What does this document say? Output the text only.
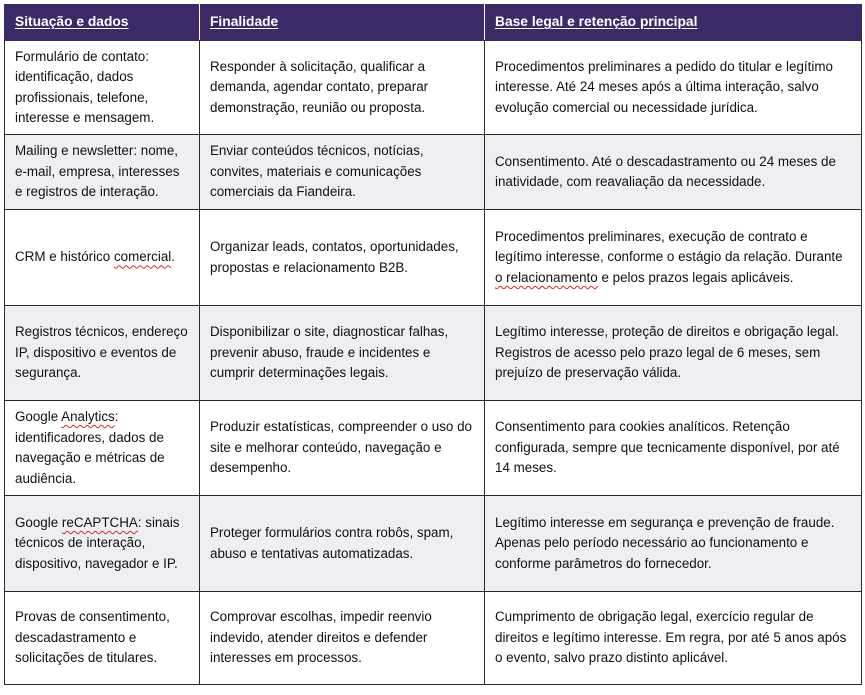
Situação e dados	Finalidade	Base legal e retenção principal
Formulário de contato: identificação, dados profissionais, telefone, interesse e mensagem.	Responder à solicitação, qualificar a demanda, agendar contato, preparar demonstração, reunião ou proposta.	Procedimentos preliminares a pedido do titular e legítimo interesse. Até 24 meses após a última interação, salvo evolução comercial ou necessidade jurídica.
Mailing e newsletter: nome, e-mail, empresa, interesses e registros de interação.	Enviar conteúdos técnicos, notícias, convites, materiais e comunicações comerciais da Fiandeira.	Consentimento. Até o descadastramento ou 24 meses de inatividade, com reavaliação da necessidade.
CRM e histórico comercial.	Organizar leads, contatos, oportunidades, propostas e relacionamento B2B.	Procedimentos preliminares, execução de contrato e legítimo interesse, conforme o estágio da relação. Durante o relacionamento e pelos prazos legais aplicáveis.
Registros técnicos, endereço IP, dispositivo e eventos de segurança.	Disponibilizar o site, diagnosticar falhas, prevenir abuso, fraude e incidentes e cumprir determinações legais.	Legítimo interesse, proteção de direitos e obrigação legal. Registros de acesso pelo prazo legal de 6 meses, sem prejuízo de preservação válida.
Google Analytics: identificadores, dados de navegação e métricas de audiência.	Produzir estatísticas, compreender o uso do site e melhorar conteúdo, navegação e desempenho.	Consentimento para cookies analíticos. Retenção configurada, sempre que tecnicamente disponível, por até 14 meses.
Google reCAPTCHA: sinais técnicos de interação, dispositivo, navegador e IP.	Proteger formulários contra robôs, spam, abuso e tentativas automatizadas.	Legítimo interesse em segurança e prevenção de fraude. Apenas pelo período necessário ao funcionamento e conforme parâmetros do fornecedor.
Provas de consentimento, descadastramento e solicitações de titulares.	Comprovar escolhas, impedir reenvio indevido, atender direitos e defender interesses em processos.	Cumprimento de obrigação legal, exercício regular de direitos e legítimo interesse. Em regra, por até 5 anos após o evento, salvo prazo distinto aplicável.
